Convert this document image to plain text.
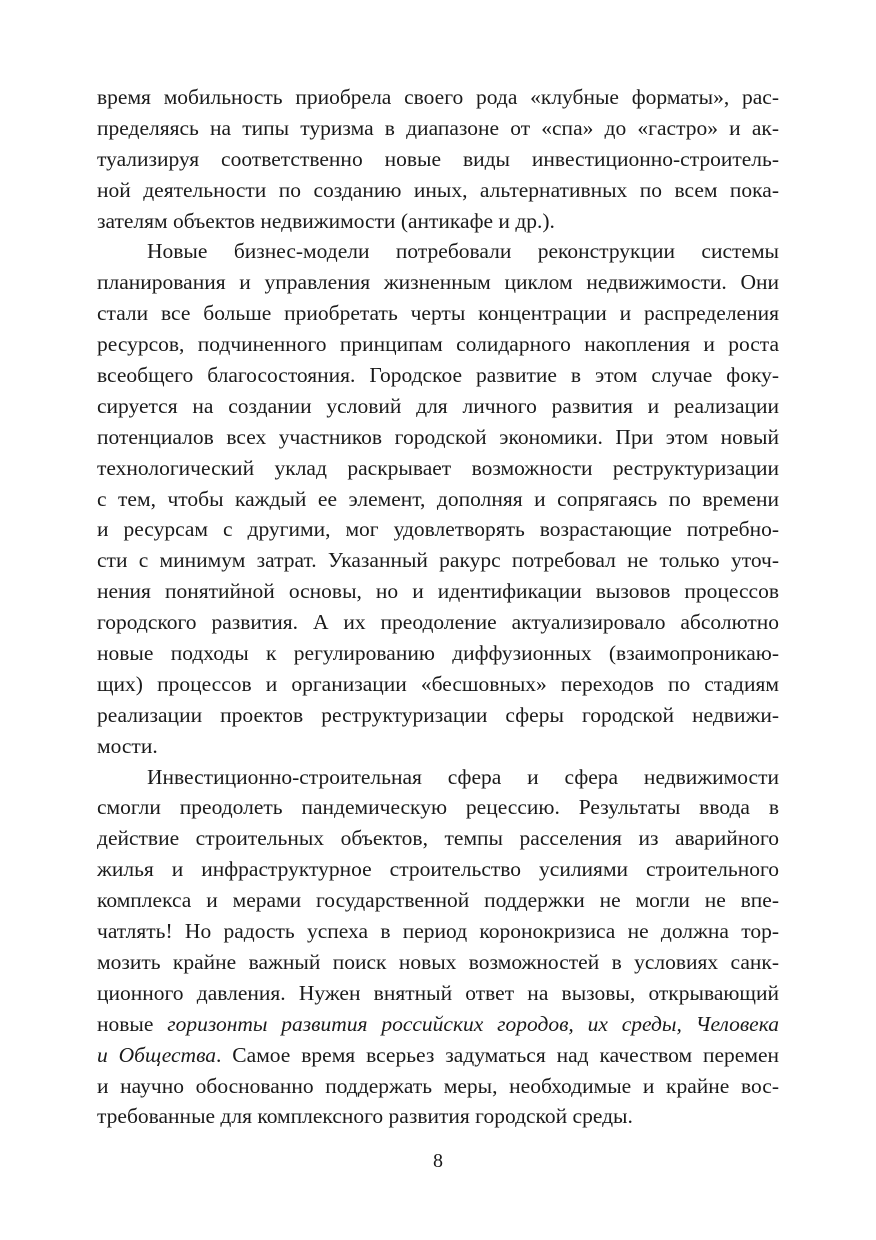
время мобильность приобрела своего рода «клубные форматы», рас-
пределяясь на типы туризма в диапазоне от «спа» до «гастро» и ак-
туализируя соответственно новые виды инвестиционно-строитель-
ной деятельности по созданию иных, альтернативных по всем пока-
зателям объектов недвижимости (антикафе и др.).
Новые бизнес-модели потребовали реконструкции системы
планирования и управления жизненным циклом недвижимости. Они
стали все больше приобретать черты концентрации и распределения
ресурсов, подчиненного принципам солидарного накопления и роста
всеобщего благосостояния. Городское развитие в этом случае фоку-
сируется на создании условий для личного развития и реализации
потенциалов всех участников городской экономики. При этом новый
технологический уклад раскрывает возможности реструктуризации
с тем, чтобы каждый ее элемент, дополняя и сопрягаясь по времени
и ресурсам с другими, мог удовлетворять возрастающие потребно-
сти с минимум затрат. Указанный ракурс потребовал не только уточ-
нения понятийной основы, но и идентификации вызовов процессов
городского развития. А их преодоление актуализировало абсолютно
новые подходы к регулированию диффузионных (взаимопроникаю-
щих) процессов и организации «бесшовных» переходов по стадиям
реализации проектов реструктуризации сферы городской недвижи-
мости.
Инвестиционно-строительная сфера и сфера недвижимости
смогли преодолеть пандемическую рецессию. Результаты ввода в
действие строительных объектов, темпы расселения из аварийного
жилья и инфраструктурное строительство усилиями строительного
комплекса и мерами государственной поддержки не могли не впе-
чатлять! Но радость успеха в период коронокризиса не должна тор-
мозить крайне важный поиск новых возможностей в условиях санк-
ционного давления. Нужен внятный ответ на вызовы, открывающий
новые горизонты развития российских городов, их среды, Человека
и Общества. Самое время всерьез задуматься над качеством перемен
и научно обоснованно поддержать меры, необходимые и крайне вос-
требованные для комплексного развития городской среды.
8
